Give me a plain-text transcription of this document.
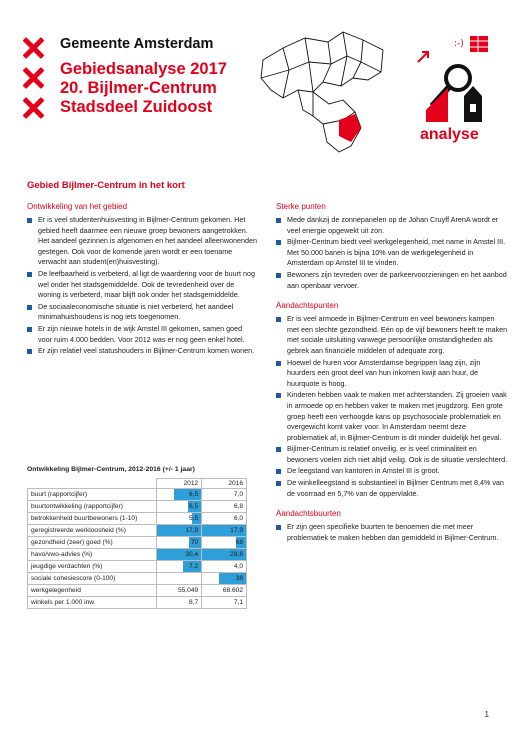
Gemeente Amsterdam
Gebiedsanalyse 2017
20. Bijlmer-Centrum
Stadsdeel Zuidoost
:-)
analyse
Gebied Bijlmer-Centrum in het kort
Ontwikkeling van het gebied
Er is veel studentenhuisvesting in Bijlmer-Centrum gekomen. Het gebied heeft daarmee een nieuwe groep bewoners aangetrokken. Het aandeel gezinnen is afgenomen en het aandeel alleenwonenden gestegen. Ook voor de komende jaren wordt er een toename verwacht aan student(en)huisvesting).
De leefbaarheid is verbeterd, al ligt de waardering voor de buurt nog wel onder het stadsgemiddelde. Ook de tevredenheid over de woning is verbeterd, maar blijft ook onder het stadsgemiddelde.
De sociaaleconomische situatie is niet verbeterd, het aandeel minimahuishoudens is nog iets toegenomen.
Er zijn nieuwe hotels in de wijk Amstel III gekomen, samen goed voor ruim 4.000 bedden. Voor 2012 was er nog geen enkel hotel.
Er zijn relatief veel statushouders in Bijlmer-Centrum komen wonen.
Sterke punten
Mede dankzij de zonnepanelen op de Johan Cruyff ArenA wordt er veel energie opgewekt uit zon.
Bijlmer-Centrum biedt veel werkgelegenheid, met name in Amstel III. Met 50.000 banen is bijna 10% van de werkgelegenheid in Amsterdam op Amstel III te vinden.
Bewoners zijn tevreden over de parkeervoorzieningen en het aanbod aan openbaar vervoer.
Aandachtspunten
Er is veel armoede in Bijlmer-Centrum en veel bewoners kampen met een slechte gezondheid. Eén op de vijf bewoners heeft te maken met sociale uitsluiting vanwege persoonlijke omstandigheden als gebrek aan financiële middelen of adequate zorg.
Hoewel de huren voor Amsterdamse begrippen laag zijn, zijn huurders een groot deel van hun inkomen kwijt aan huur, de huurquote is hoog.
Kinderen hebben vaak te maken met achterstanden. Zij groeien vaak in armoede op en hebben vaker te maken met jeugdzorg. Een grote groep heeft een verhoogde kans op psychosociale problematiek en overgewicht komt vaker voor. In Amsterdam neemt deze problematiek af, in Bijlmer-Centrum is dit minder duidelijk het geval.
Bijlmer-Centrum is relatief onveilig, er is veel criminaliteit en bewoners voelen zich niet altijd veilig. Ook is de situatie verslechterd.
De leegstand van kantoren in Amstel III is groot.
De winkelleegstand is substantieel in Bijlmer Centrum met 8,4% van de voorraad en 5,7% van de oppervlakte.
Aandachtsbuurten
Er zijn geen specifieke buurten te benoemen die met meer problematiek te maken hebben dan gemiddeld in Bijlmer-Centrum.
Ontwikkeling Bijlmer-Centrum, 2012-2016 (+/- 1 jaar)
	2012	2016
buurt (rapportcijfer)	6,5	7,0
buurtontwikkeling (rapportcijfer)	6,5	6,8
betrokkenheid buurtbewoners (1-10)	5,5	6,0
geregistreerde werkloosheid (%)	17,9	17,9
gezondheid (zeer) goed (%)	70	68
havo/vwo-advies (%)	30,4	28,6
jeugdige verdachten (%)	7,2	4,0
sociale cohesiescore (0-100)		38
werkgelegenheid	55.049	68.602
winkels per 1.000 inw.	8,7	7,1
1
